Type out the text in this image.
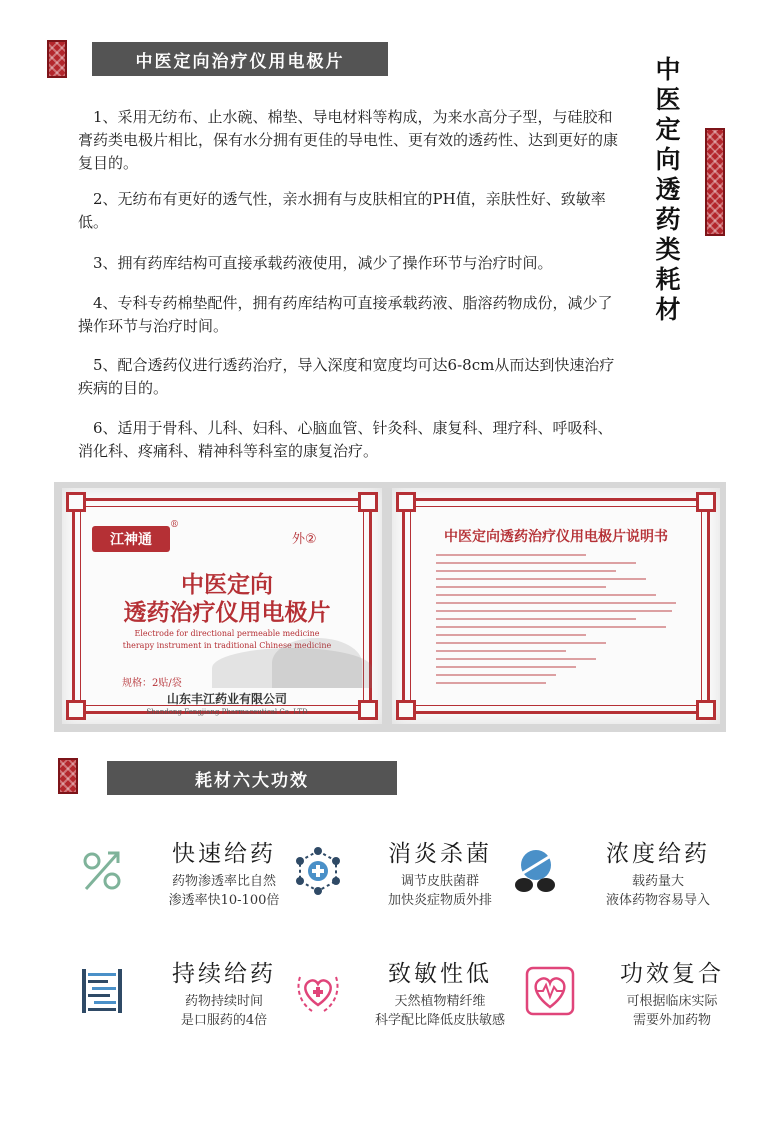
中医定向治疗仪用电极片	中医定向透药类耗材

1、采用无纺布、止水碗、棉垫、导电材料等构成，为来水高分子型，与硅胶和膏药类电极片相比，保有水分拥有更佳的导电性、更有效的透药性、达到更好的康复目的。

2、无纺布有更好的透气性，亲水拥有与皮肤相宜的PH值，亲肤性好、致敏率低。

3、拥有药库结构可直接承载药液使用，减少了操作环节与治疗时间。

4、专科专药棉垫配件，拥有药库结构可直接承载药液、脂溶药物成份，减少了操作环节与治疗时间。

5、配合透药仪进行透药治疗，导入深度和宽度均可达6-8cm从而达到快速治疗疾病的目的。

6、适用于骨科、儿科、妇科、心脑血管、针灸科、康复科、理疗科、呼吸科、消化科、疼痛科、精神科等科室的康复治疗。

江神通
®
外②
中医定向
透药治疗仪用电极片
Electrode for directional permeable medicine
therapy instrument in traditional Chinese medicine
规格：2贴/袋
山东丰江药业有限公司
Shandong Fengjiang Pharmaceutical Co. LTD
中医定向透药治疗仪用电极片说明书
耗材六大功效
快速给药
药物渗透率比自然
渗透率快10-100倍
消炎杀菌
调节皮肤菌群
加快炎症物质外排
浓度给药
载药量大
液体药物容易导入
持续给药
药物持续时间
是口服药的4倍
致敏性低
天然植物精纤维
科学配比降低皮肤敏感
功效复合
可根据临床实际
需要外加药物
